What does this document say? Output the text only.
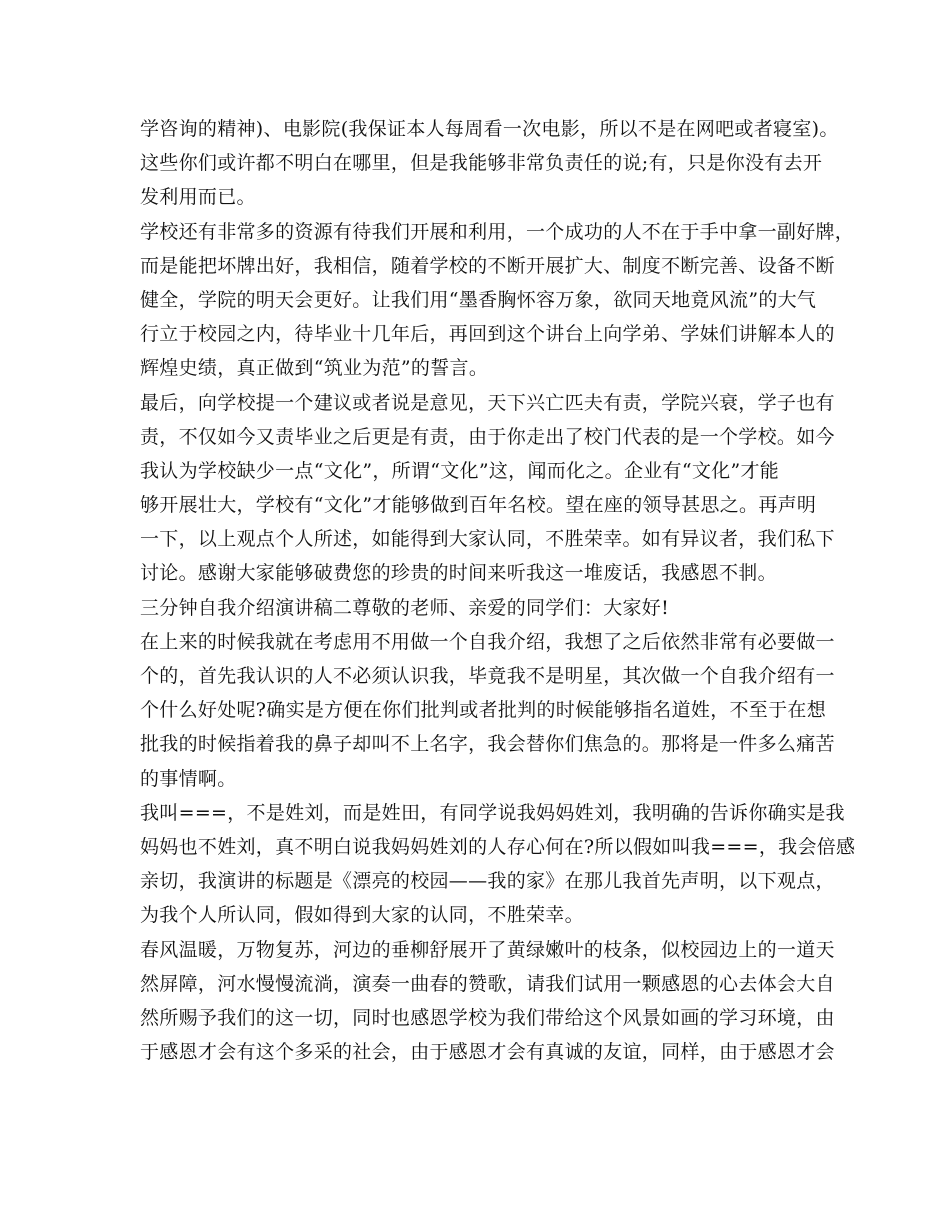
学咨询的精神)、电影院(我保证本人每周看一次电影，所以不是在网吧或者寝室)。
这些你们或许都不明白在哪里，但是我能够非常负责任的说;有，只是你没有去开
发利用而已。
学校还有非常多的资源有待我们开展和利用，一个成功的人不在于手中拿一副好牌，
而是能把坏牌出好，我相信，随着学校的不断开展扩大、制度不断完善、设备不断
健全，学院的明天会更好。让我们用“墨香胸怀容万象，欲同天地竟风流”的大气
行立于校园之内，待毕业十几年后，再回到这个讲台上向学弟、学妹们讲解本人的
辉煌史绩，真正做到“筑业为范”的誓言。
最后，向学校提一个建议或者说是意见，天下兴亡匹夫有责，学院兴衰，学子也有
责，不仅如今又责毕业之后更是有责，由于你走出了校门代表的是一个学校。如今
我认为学校缺少一点“文化”，所谓“文化”这，闻而化之。企业有“文化”才能
够开展壮大，学校有“文化”才能够做到百年名校。望在座的领导甚思之。再声明
一下，以上观点个人所述，如能得到大家认同，不胜荣幸。如有异议者，我们私下
讨论。感谢大家能够破费您的珍贵的时间来听我这一堆废话，我感恩不剕。
三分钟自我介绍演讲稿二尊敬的老师、亲爱的同学们：大家好!
在上来的时候我就在考虑用不用做一个自我介绍，我想了之后依然非常有必要做一
个的，首先我认识的人不必须认识我，毕竟我不是明星，其次做一个自我介绍有一
个什么好处呢?确实是方便在你们批判或者批判的时候能够指名道姓，不至于在想
批我的时候指着我的鼻子却叫不上名字，我会替你们焦急的。那将是一件多么痛苦
的事情啊。
我叫===，不是姓刘，而是姓田，有同学说我妈妈姓刘，我明确的告诉你确实是我
妈妈也不姓刘，真不明白说我妈妈姓刘的人存心何在?所以假如叫我===，我会倍感
亲切，我演讲的标题是《漂亮的校园——我的家》在那儿我首先声明，以下观点，
为我个人所认同，假如得到大家的认同，不胜荣幸。
春风温暖，万物复苏，河边的垂柳舒展开了黄绿嫩叶的枝条，似校园边上的一道天
然屏障，河水慢慢流淌，演奏一曲春的赞歌，请我们试用一颗感恩的心去体会大自
然所赐予我们的这一切，同时也感恩学校为我们带给这个风景如画的学习环境，由
于感恩才会有这个多采的社会，由于感恩才会有真诚的友谊，同样，由于感恩才会
